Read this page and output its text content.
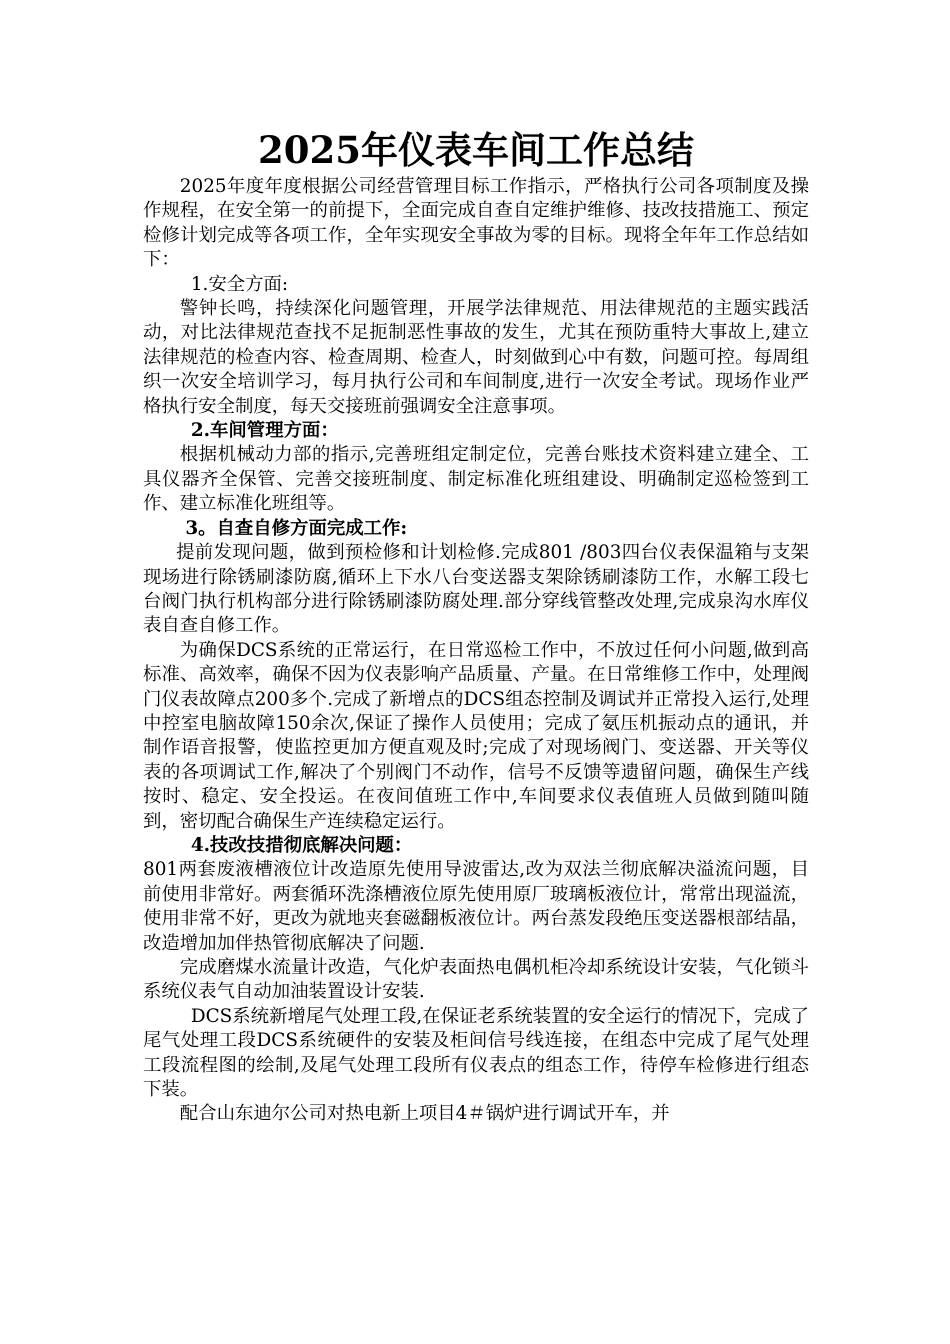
2025年仪表车间工作总结

2025年度年度根据公司经营管理目标工作指示，严格执行公司各项制度及操作规程，在安全第一的前提下，全面完成自查自定维护维修、技改技措施工、预定检修计划完成等各项工作，全年实现安全事故为零的目标。现将全年年工作总结如下：

1.安全方面:

警钟长鸣，持续深化问题管理，开展学法律规范、用法律规范的主题实践活动，对比法律规范查找不足扼制恶性事故的发生，尤其在预防重特大事故上,建立法律规范的检查内容、检查周期、检查人，时刻做到心中有数，问题可控。每周组织一次安全培训学习，每月执行公司和车间制度,进行一次安全考试。现场作业严格执行安全制度，每天交接班前强调安全注意事项。

2.车间管理方面：

根据机械动力部的指示,完善班组定制定位，完善台账技术资料建立建全、工具仪器齐全保管、完善交接班制度、制定标准化班组建设、明确制定巡检签到工作、建立标准化班组等。

3。自查自修方面完成工作:

提前发现问题，做到预检修和计划检修.完成801 /803四台仪表保温箱与支架现场进行除锈刷漆防腐,循环上下水八台变送器支架除锈刷漆防工作，水解工段七台阀门执行机构部分进行除锈刷漆防腐处理.部分穿线管整改处理,完成泉沟水库仪表自查自修工作。

为确保DCS系统的正常运行，在日常巡检工作中，不放过任何小问题,做到高标准、高效率，确保不因为仪表影响产品质量、产量。在日常维修工作中，处理阀门仪表故障点200多个.完成了新增点的DCS组态控制及调试并正常投入运行,处理中控室电脑故障150余次,保证了操作人员使用；完成了氨压机振动点的通讯，并制作语音报警，使监控更加方便直观及时;完成了对现场阀门、变送器、开关等仪表的各项调试工作,解决了个别阀门不动作，信号不反馈等遗留问题，确保生产线按时、稳定、安全投运。在夜间值班工作中,车间要求仪表值班人员做到随叫随到，密切配合确保生产连续稳定运行。

4.技改技措彻底解决问题：

801两套废液槽液位计改造原先使用导波雷达,改为双法兰彻底解决溢流问题，目前使用非常好。两套循环洗涤槽液位原先使用原厂玻璃板液位计，常常出现溢流，使用非常不好，更改为就地夹套磁翻板液位计。两台蒸发段绝压变送器根部结晶，改造增加加伴热管彻底解决了问题.

完成磨煤水流量计改造，气化炉表面热电偶机柜冷却系统设计安装，气化锁斗系统仪表气自动加油装置设计安装.

DCS系统新增尾气处理工段,在保证老系统装置的安全运行的情况下，完成了尾气处理工段DCS系统硬件的安装及柜间信号线连接，在组态中完成了尾气处理工段流程图的绘制,及尾气处理工段所有仪表点的组态工作，待停车检修进行组态下装。

配合山东迪尔公司对热电新上项目4＃锅炉进行调试开车，并
